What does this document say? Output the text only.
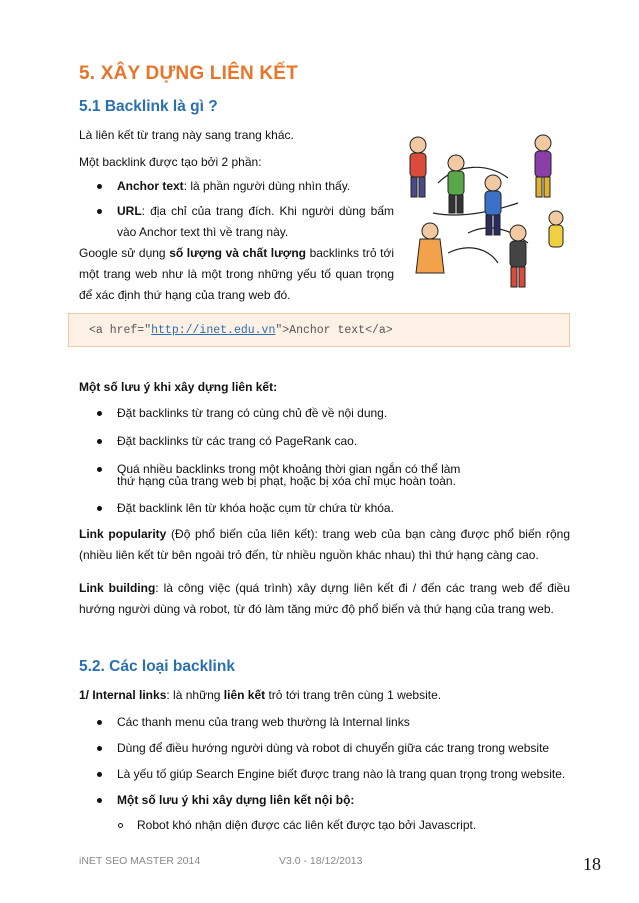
5. XÂY DỰNG LIÊN KẾT
5.1 Backlink là gì ?
Là liên kết từ trang này sang trang khác.
Một backlink được tạo bởi 2 phần:
Anchor text: là phần người dùng nhìn thấy.
URL: địa chỉ của trang đích. Khi người dùng bấm
vào Anchor text thì về trang này.
Google sử dụng số lượng và chất lượng backlinks trỏ tới
một trang web như là một trong những yếu tố quan trọng
để xác định thứ hạng của trang web đó.
<a href="http://inet.edu.vn">Anchor text</a>
Một số lưu ý khi xây dựng liên kết:
Đặt backlinks từ trang có cùng chủ đề về nội dung.
Đặt backlinks từ các trang có PageRank cao.
Quá nhiều backlinks trong một khoảng thời gian ngắn có thể làm
thứ hạng của trang web bị phạt, hoặc bị xóa chỉ mục hoàn toàn.
Đặt backlink lên từ khóa hoặc cụm từ chứa từ khóa.
Link popularity (Độ phổ biến của liên kết): trang web của bạn càng được phổ biến rộng
(nhiều liên kết từ bên ngoài trỏ đến, từ nhiều nguồn khác nhau) thì thứ hạng càng cao.
Link building: là công việc (quá trình) xây dựng liên kết đi / đến các trang web để điều
hướng người dùng và robot, từ đó làm tăng mức độ phổ biến và thứ hạng của trang web.
5.2. Các loại backlink
1/ Internal links: là những liên kết trỏ tới trang trên cùng 1 website.
Các thanh menu của trang web thường là Internal links
Dùng để điều hướng người dùng và robot di chuyển giữa các trang trong website
Là yếu tố giúp Search Engine biết được trang nào là trang quan trọng trong website.
Một số lưu ý khi xây dựng liên kết nội bộ:
Robot khó nhận diện được các liên kết được tạo bởi Javascript.
iNET SEO MASTER 2014	V3.0 - 18/12/2013	18
